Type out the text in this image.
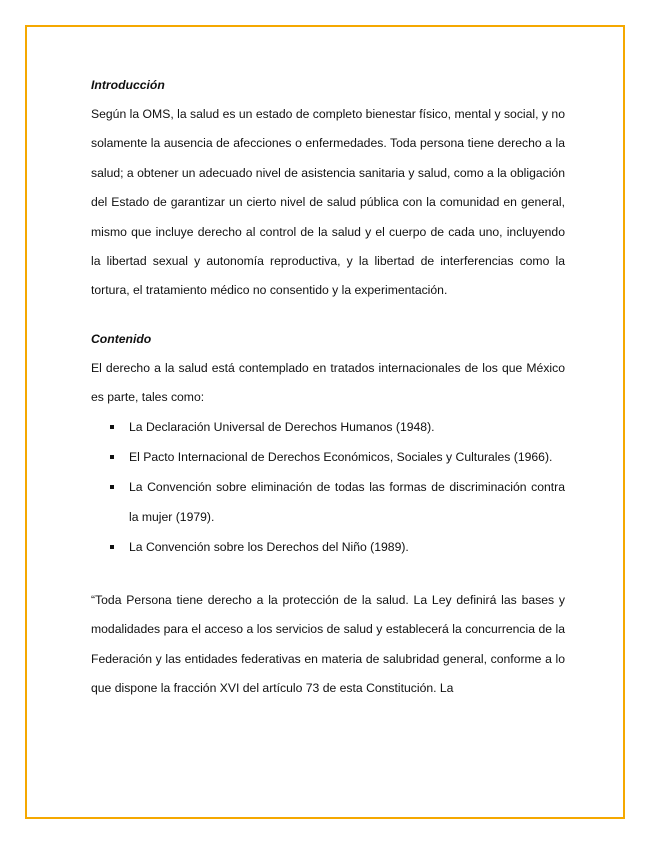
Introducción

Según la OMS, la salud es un estado de completo bienestar físico, mental y social, y no solamente la ausencia de afecciones o enfermedades. Toda persona tiene derecho a la salud; a obtener un adecuado nivel de asistencia sanitaria y salud, como a la obligación del Estado de garantizar un cierto nivel de salud pública con la comunidad en general, mismo que incluye derecho al control de la salud y el cuerpo de cada uno, incluyendo la libertad sexual y autonomía reproductiva, y la libertad de interferencias como la tortura, el tratamiento médico no consentido y la experimentación.

Contenido

El derecho a la salud está contemplado en tratados internacionales de los que México es parte, tales como:

La Declaración Universal de Derechos Humanos (1948).
El Pacto Internacional de Derechos Económicos, Sociales y Culturales (1966).
La Convención sobre eliminación de todas las formas de discriminación contra la mujer (1979).
La Convención sobre los Derechos del Niño (1989).

“Toda Persona tiene derecho a la protección de la salud. La Ley definirá las bases y modalidades para el acceso a los servicios de salud y establecerá la concurrencia de la Federación y las entidades federativas en materia de salubridad general, conforme a lo que dispone la fracción XVI del artículo 73 de esta Constitución. La
